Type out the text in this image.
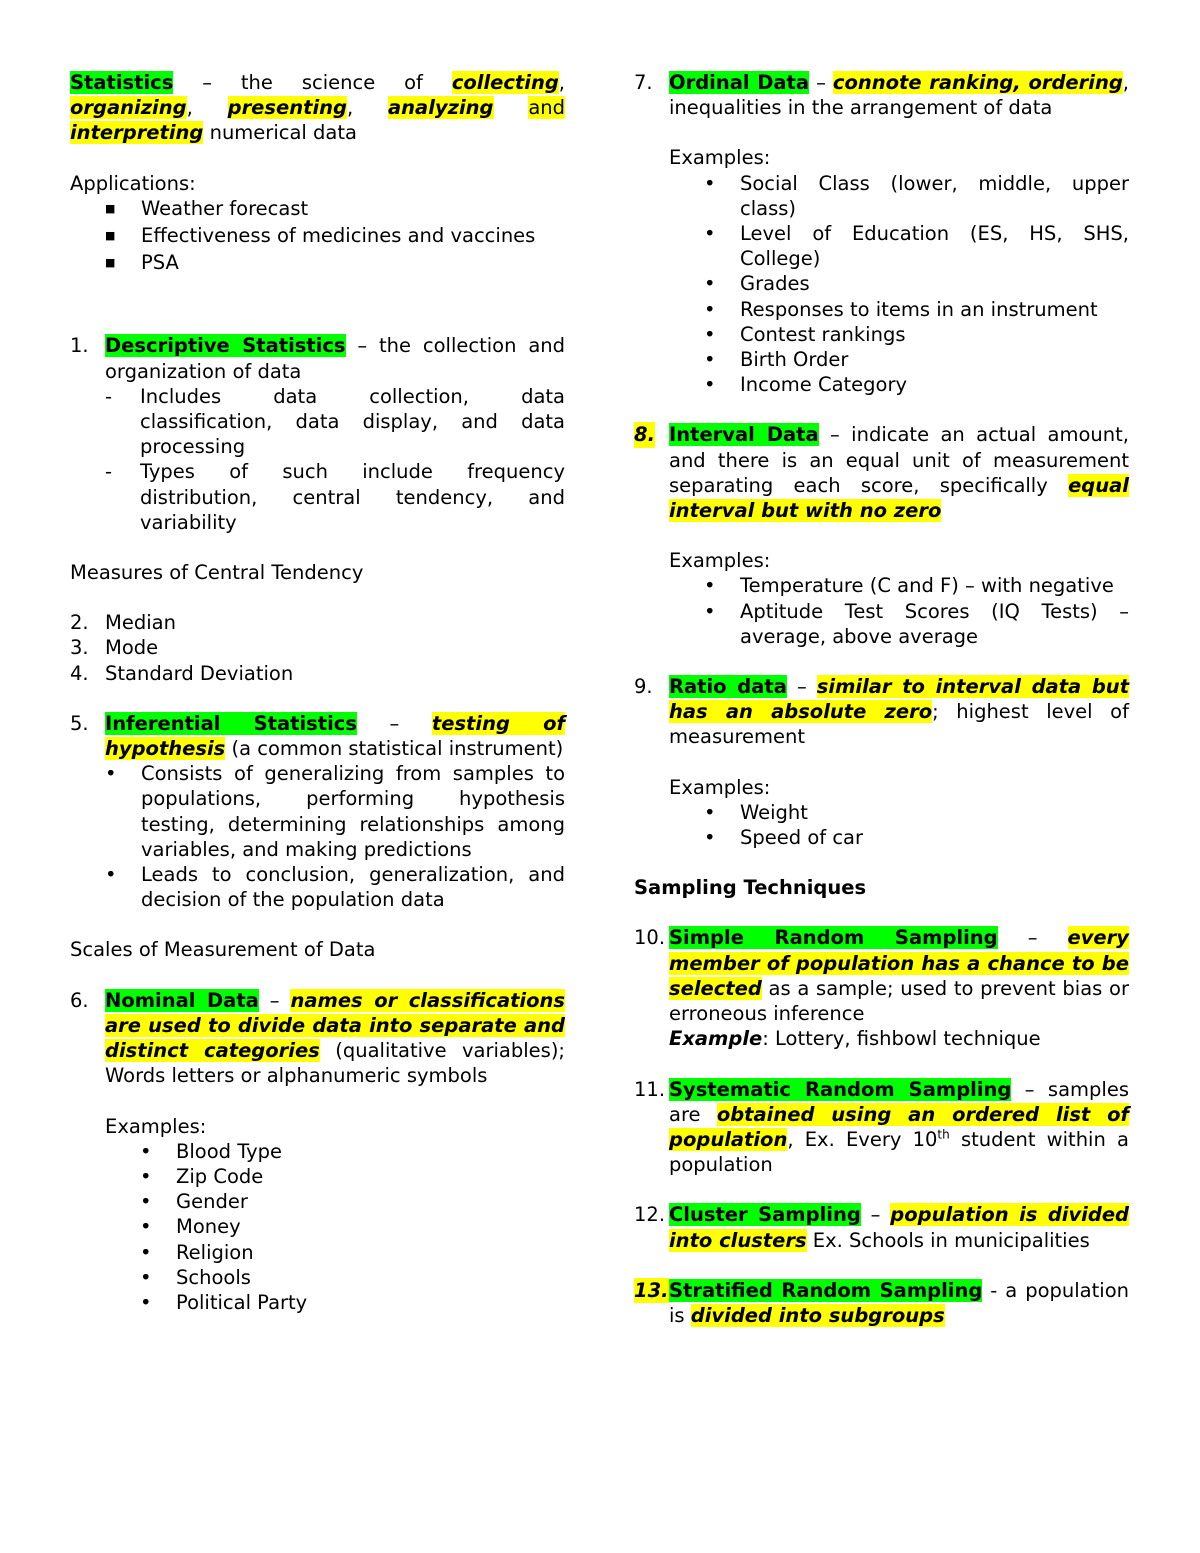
Statistics – the science of collecting, organizing, presenting, analyzing and interpreting numerical data

Applications:

■ Weather forecast
■ Effectiveness of medicines and vaccines
■ PSA
1. Descriptive Statistics – the collection and organization of data
- Includes data collection, data classification, data display, and data processing
- Types of such include frequency distribution, central tendency, and variability

Measures of Central Tendency

2. Median
3. Mode
4. Standard Deviation
5. Inferential Statistics – testing of hypothesis (a common statistical instrument)
• Consists of generalizing from samples to populations, performing hypothesis testing, determining relationships among variables, and making predictions
• Leads to conclusion, generalization, and decision of the population data

Scales of Measurement of Data

6. Nominal Data – names or classifications are used to divide data into separate and distinct categories (qualitative variables); Words letters or alphanumeric symbols

Examples:

• Blood Type
• Zip Code
• Gender
• Money
• Religion
• Schools
• Political Party
7. Ordinal Data – connote ranking, ordering, inequalities in the arrangement of data

Examples:

• Social Class (lower, middle, upper class)
• Level of Education (ES, HS, SHS, College)
• Grades
• Responses to items in an instrument
• Contest rankings
• Birth Order
• Income Category
8. Interval Data – indicate an actual amount, and there is an equal unit of measurement separating each score, specifically equal interval but with no zero

Examples:

• Temperature (C and F) – with negative
• Aptitude Test Scores (IQ Tests) – average, above average
9. Ratio data – similar to interval data but has an absolute zero; highest level of measurement

Examples:

• Weight
• Speed of car

Sampling Techniques

10. Simple Random Sampling – every member of population has a chance to be selected as a sample; used to prevent bias or erroneous inference
Example: Lottery, fishbowl technique
11. Systematic Random Sampling – samples are obtained using an ordered list of population, Ex. Every 10th student within a population
12. Cluster Sampling – population is divided into clusters Ex. Schools in municipalities
13. Stratified Random Sampling - a population is divided into subgroups
